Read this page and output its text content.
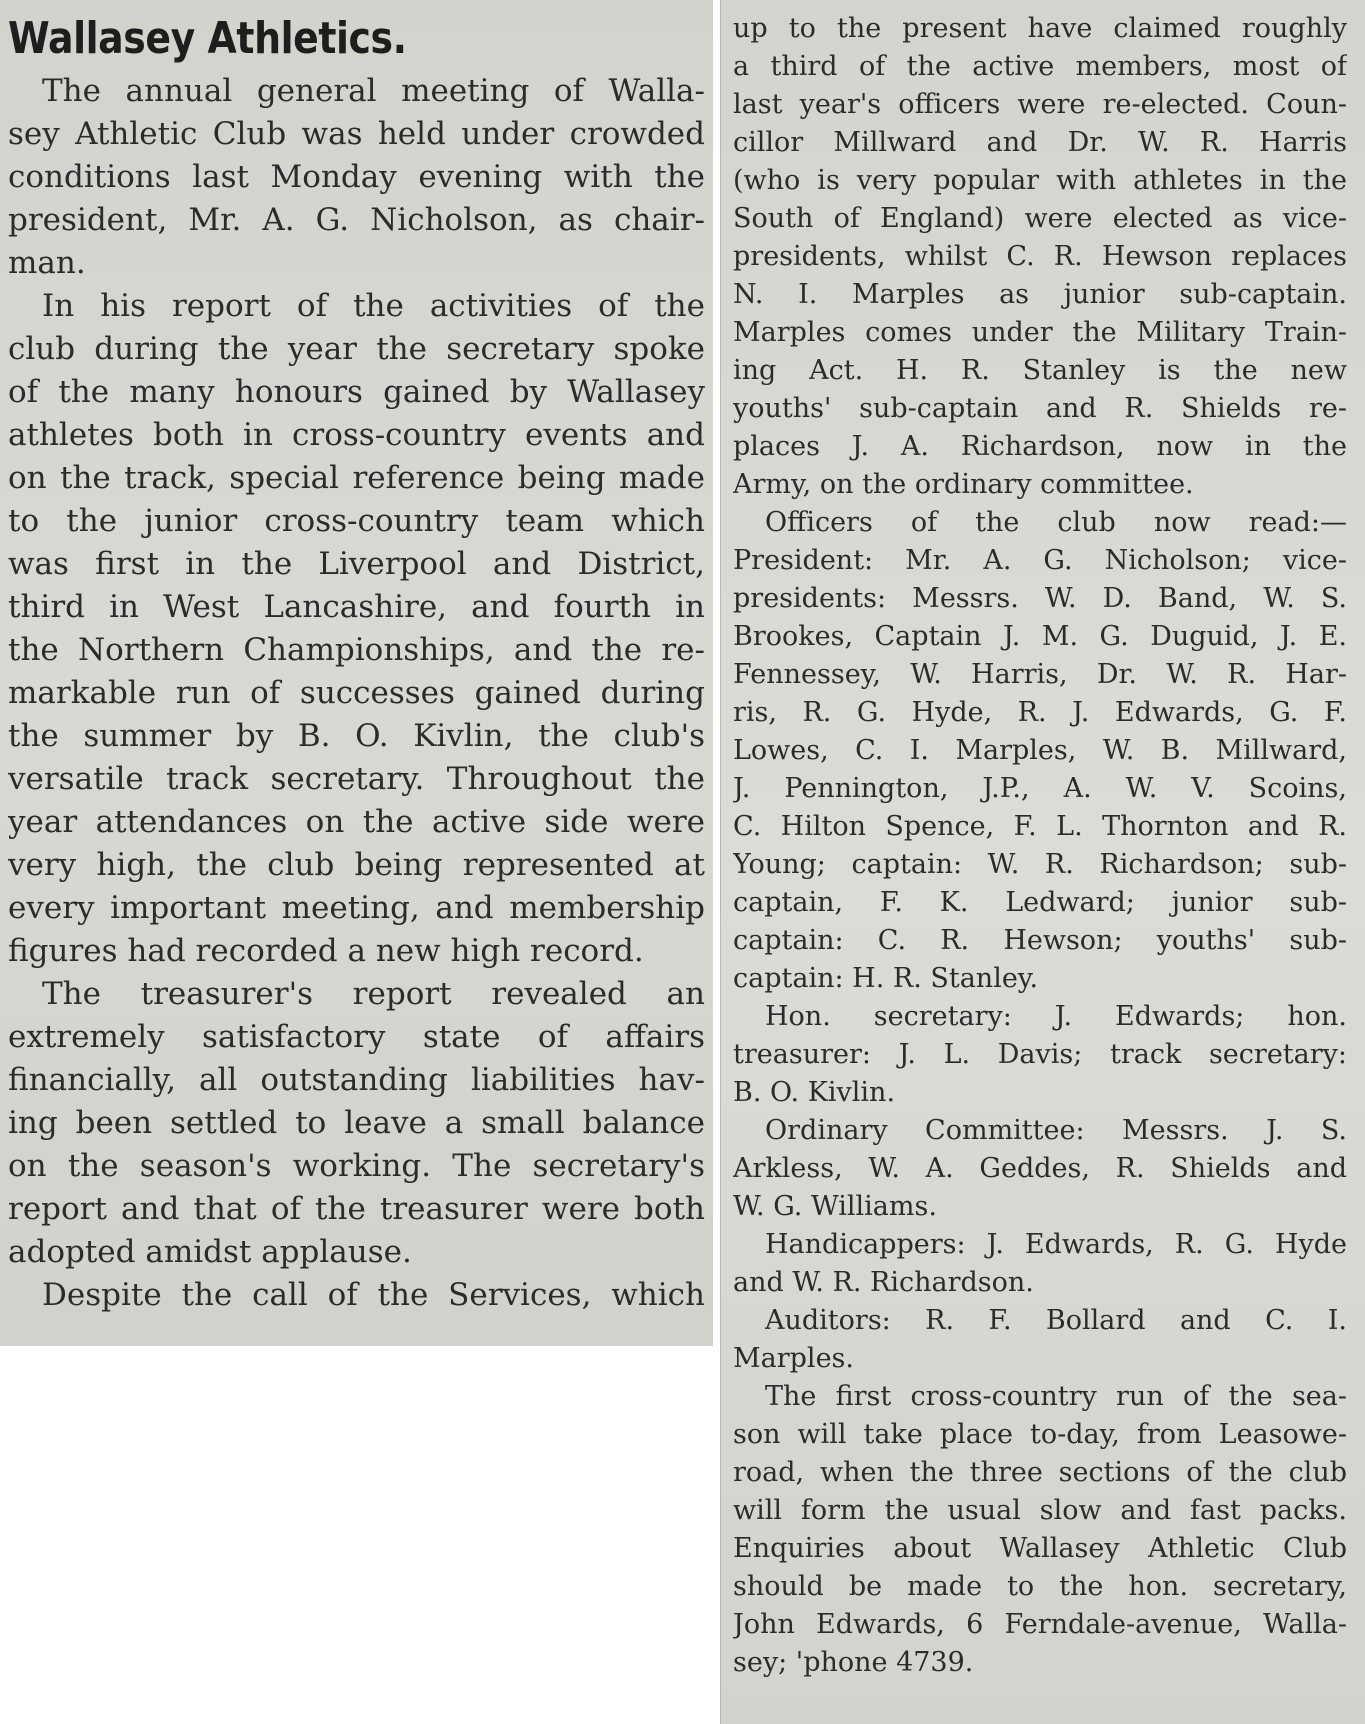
Wallasey Athletics.
The annual general meeting of Walla-
sey Athletic Club was held under crowded
conditions last Monday evening with the
president, Mr. A. G. Nicholson, as chair-
man.
In his report of the activities of the
club during the year the secretary spoke
of the many honours gained by Wallasey
athletes both in cross-country events and
on the track, special reference being made
to the junior cross-country team which
was first in the Liverpool and District,
third in West Lancashire, and fourth in
the Northern Championships, and the re-
markable run of successes gained during
the summer by B. O. Kivlin, the club's
versatile track secretary. Throughout the
year attendances on the active side were
very high, the club being represented at
every important meeting, and membership
figures had recorded a new high record.
The treasurer's report revealed an
extremely satisfactory state of affairs
financially, all outstanding liabilities hav-
ing been settled to leave a small balance
on the season's working. The secretary's
report and that of the treasurer were both
adopted amidst applause.
Despite the call of the Services, which
up to the present have claimed roughly
a third of the active members, most of
last year's officers were re-elected. Coun-
cillor Millward and Dr. W. R. Harris
(who is very popular with athletes in the
South of England) were elected as vice-
presidents, whilst C. R. Hewson replaces
N. I. Marples as junior sub-captain.
Marples comes under the Military Train-
ing Act. H. R. Stanley is the new
youths' sub-captain and R. Shields re-
places J. A. Richardson, now in the
Army, on the ordinary committee.
Officers of the club now read:—
President: Mr. A. G. Nicholson; vice-
presidents: Messrs. W. D. Band, W. S.
Brookes, Captain J. M. G. Duguid, J. E.
Fennessey, W. Harris, Dr. W. R. Har-
ris, R. G. Hyde, R. J. Edwards, G. F.
Lowes, C. I. Marples, W. B. Millward,
J. Pennington, J.P., A. W. V. Scoins,
C. Hilton Spence, F. L. Thornton and R.
Young; captain: W. R. Richardson; sub-
captain, F. K. Ledward; junior sub-
captain: C. R. Hewson; youths' sub-
captain: H. R. Stanley.
Hon. secretary: J. Edwards; hon.
treasurer: J. L. Davis; track secretary:
B. O. Kivlin.
Ordinary Committee: Messrs. J. S.
Arkless, W. A. Geddes, R. Shields and
W. G. Williams.
Handicappers: J. Edwards, R. G. Hyde
and W. R. Richardson.
Auditors: R. F. Bollard and C. I.
Marples.
The first cross-country run of the sea-
son will take place to-day, from Leasowe-
road, when the three sections of the club
will form the usual slow and fast packs.
Enquiries about Wallasey Athletic Club
should be made to the hon. secretary,
John Edwards, 6 Ferndale-avenue, Walla-
sey; 'phone 4739.
